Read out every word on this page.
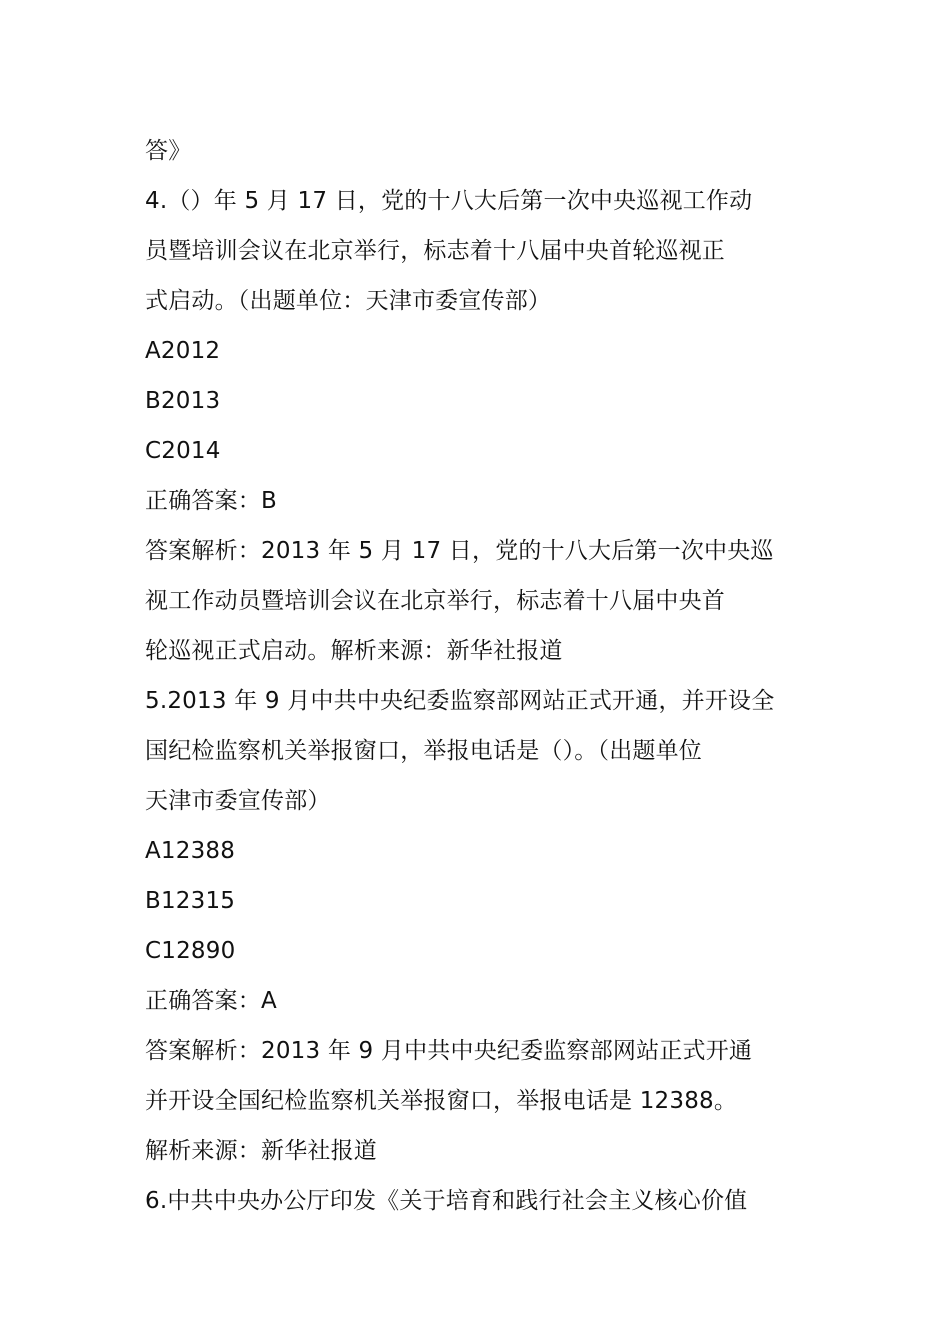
答》
4.（）年 5 月 17 日，党的十八大后第一次中央巡视工作动
员暨培训会议在北京举行，标志着十八届中央首轮巡视正
式启动。（出题单位：天津市委宣传部）
A2012
B2013
C2014
正确答案：B
答案解析：2013 年 5 月 17 日，党的十八大后第一次中央巡
视工作动员暨培训会议在北京举行，标志着十八届中央首
轮巡视正式启动。解析来源：新华社报道
5.2013 年 9 月中共中央纪委监察部网站正式开通，并开设全
国纪检监察机关举报窗口，举报电话是（）。（出题单位
天津市委宣传部）
A12388
B12315
C12890
正确答案：A
答案解析：2013 年 9 月中共中央纪委监察部网站正式开通
并开设全国纪检监察机关举报窗口，举报电话是 12388。
解析来源：新华社报道
6.中共中央办公厅印发《关于培育和践行社会主义核心价值
